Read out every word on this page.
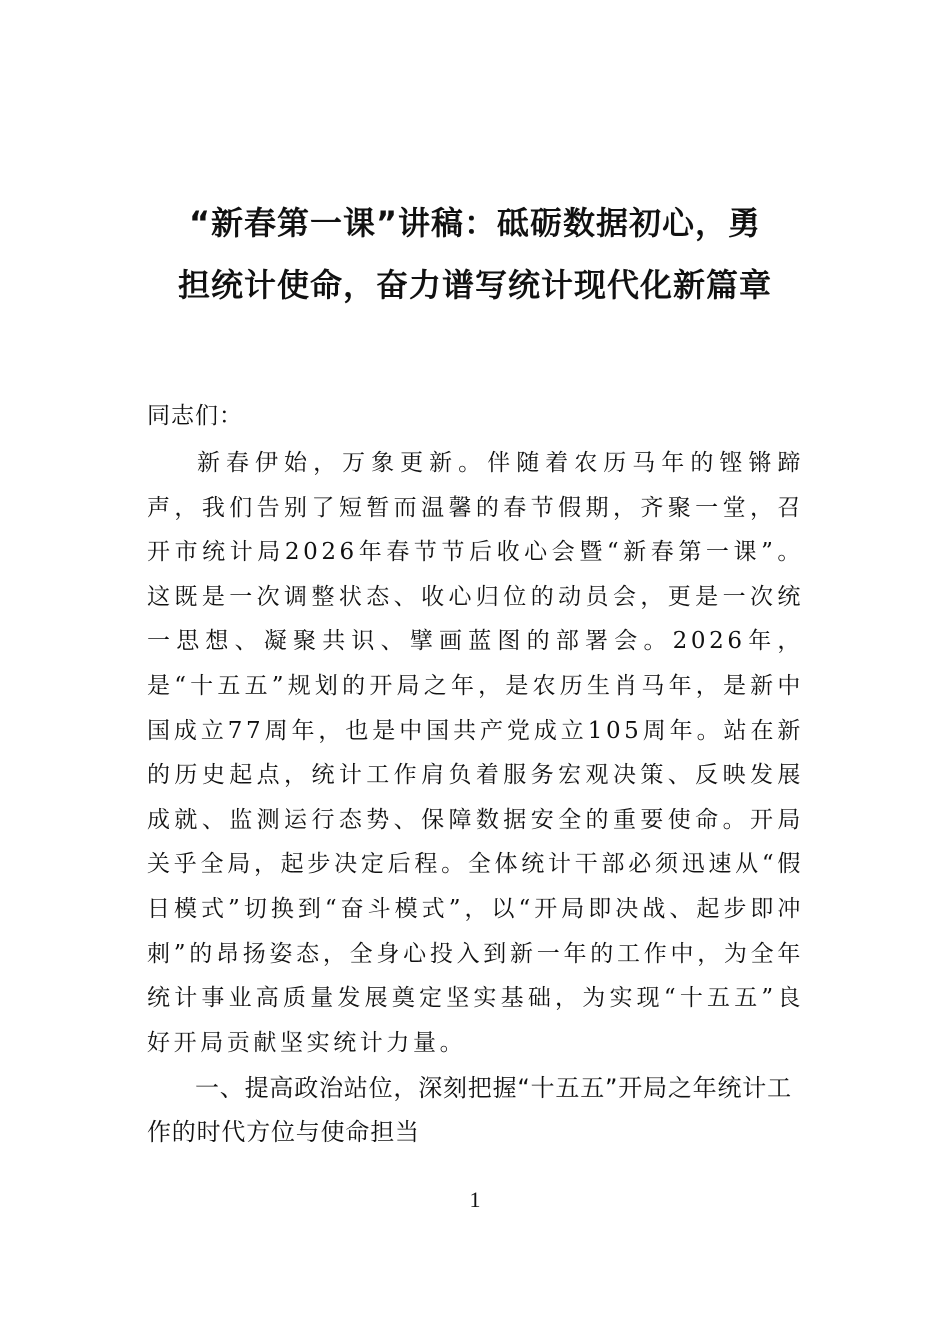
“新春第一课”讲稿：砥砺数据初心，勇
担统计使命，奋力谱写统计现代化新篇章
同志们：
新春伊始，万象更新。伴随着农历马年的铿锵蹄声，我们告别了短暂而温馨的春节假期，齐聚一堂，召开市统计局2026年春节节后收心会暨“新春第一课”。这既是一次调整状态、收心归位的动员会，更是一次统一思想、凝聚共识、擘画蓝图的部署会。2026年，是“十五五”规划的开局之年，是农历生肖马年，是新中国成立77周年，也是中国共产党成立105周年。站在新的历史起点，统计工作肩负着服务宏观决策、反映发展成就、监测运行态势、保障数据安全的重要使命。开局关乎全局，起步决定后程。全体统计干部必须迅速从“假日模式”切换到“奋斗模式”，以“开局即决战、起步即冲刺”的昂扬姿态，全身心投入到新一年的工作中，为全年统计事业高质量发展奠定坚实基础，为实现“十五五”良好开局贡献坚实统计力量。
一、提高政治站位，深刻把握“十五五”开局之年统计工作的时代方位与使命担当
1
